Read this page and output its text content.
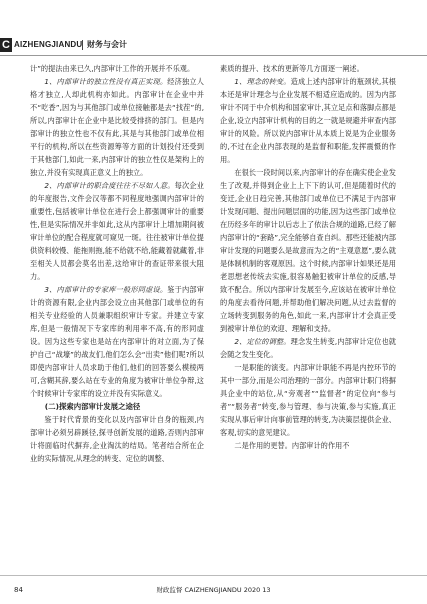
C AIZHENGJIANDU 财务与会计

计”的提法由来已久,内部审计工作的开展并不乐观。

1、内部审计的独立性没有真正实现。经济独立人格才独立,人却此机构亦如此。内部审计在企业中并不“吃香”,因为与其他部门或单位接触都是去“找茬”的,所以,内部审计在企业中是比较受排挤的部门。但是内部审计的独立性也不仅有此,其是与其他部门或单位相平行的机构,所以在些资源筹等方面的计划投付还受到于其他部门,如此一来,内部审计的独立性仅是架构上的独立,并没有实现真正意义上的独立。

2、内部审计的职合度往往不尽如人意。每次企业的年度报告,文件会汉等都不同程度地强调内部审计的重要性,包括被审计单位在进行会上都强调审计的重要性,但是实际情况并非如此,这从内部审计上增加期间被审计单位的配合程度就可窥见一斑。往往被审计单位提供资料较慢、能拖则拖,能不给就不给,能藏着就藏着,非至相关人员都会莫名出差,这给审计的查证带来很大阻力。

3、内部审计的专家库一般形同虚设。鉴于内部审计的资源有限,企业内部会设立由其他部门或单位的有相关专业经验的人员兼职组织审计专家。并建立专家库,但是一般情况下专家库的利用率不高,有的形同虚设。因为这些专家也是站在内部审计的对立面,为了保护自己“战壕”的战友们,他们怎么会“出卖”他们呢?所以即使内部审计人员求助于他们,他们的回答要么模棱两可,含糊其辞,要么站在专业的角度为被审计单位争辩,这个时候审计专家库的设立并没有实际意义。

(二)探索内部审计发展之途径

鉴于时代背景的变化以及内部审计自身的瓶颈,内部审计必须另辟蹊径,探寻创新发展的道路,否则内部审计将面临时代摒弃,企业淘汰的结局。笔者结合所在企业的实际情况,从理念的转变、定位的调整、

素质的提升、技术的更新等几方面逐一阐述。

1、理念的转变。造成上述内部审计的瓶颈状,其根本还是审计理念与企业发展不相适应造成的。因为内部审计不同于中介机构和国家审计,其立足点和落脚点都是企业,设立内部审计机构的目的之一就是规避并审查内部审计的风险。所以说内部审计从本质上说是为企业服务的,不过在企业内部表现的是监督和职能,发挥震慑的作用。

在很长一段时间以来,内部审计的存在确实使企业发生了改观,并得到企业上上下下的认可,但是随着时代的变迁,企业日趋完善,其他部门或单位已不满足于内部审计发现问题、提出问题层面的功能,因为这些部门或单位在历经多年的审计以后志上了依法合规的道路,已经了解内部审计的“套路”,完全能够自查自纠。那些还能被内部审计发现的问题要么是故意而为之的“主观意愿”,要么就是体制机制的客观原因。这个时候,内部审计如果还是用老思想老传统去实施,很容易触犯被审计单位的反感,导致不配合。所以内部审计发展至今,应该站在被审计单位的角度去看待问题,并帮助他们解决问题,从过去监督的立场转变到服务的角色,如此一来,内部审计才会真正受到被审计单位的欢迎、理解和支持。

2、定位的调整。理念发生转变,内部审计定位也就会随之发生变化。

一是职能的演变。内部审计职能不再是内控环节的其中一部分,而是公司治理的一部分。内部审计职门将摒具企业中的站位,从“旁观者”“监督者”的定位向“参与者”“服务者”转变,参与管理、参与决策,参与实施,真正实现从事后审计向事前管理的转变,为决策层提供企业、客观,切实的意见建议。

二是作用的更替。内部审计的作用不

84	财政监督 CAIZHENGJIANDU 2020 13
